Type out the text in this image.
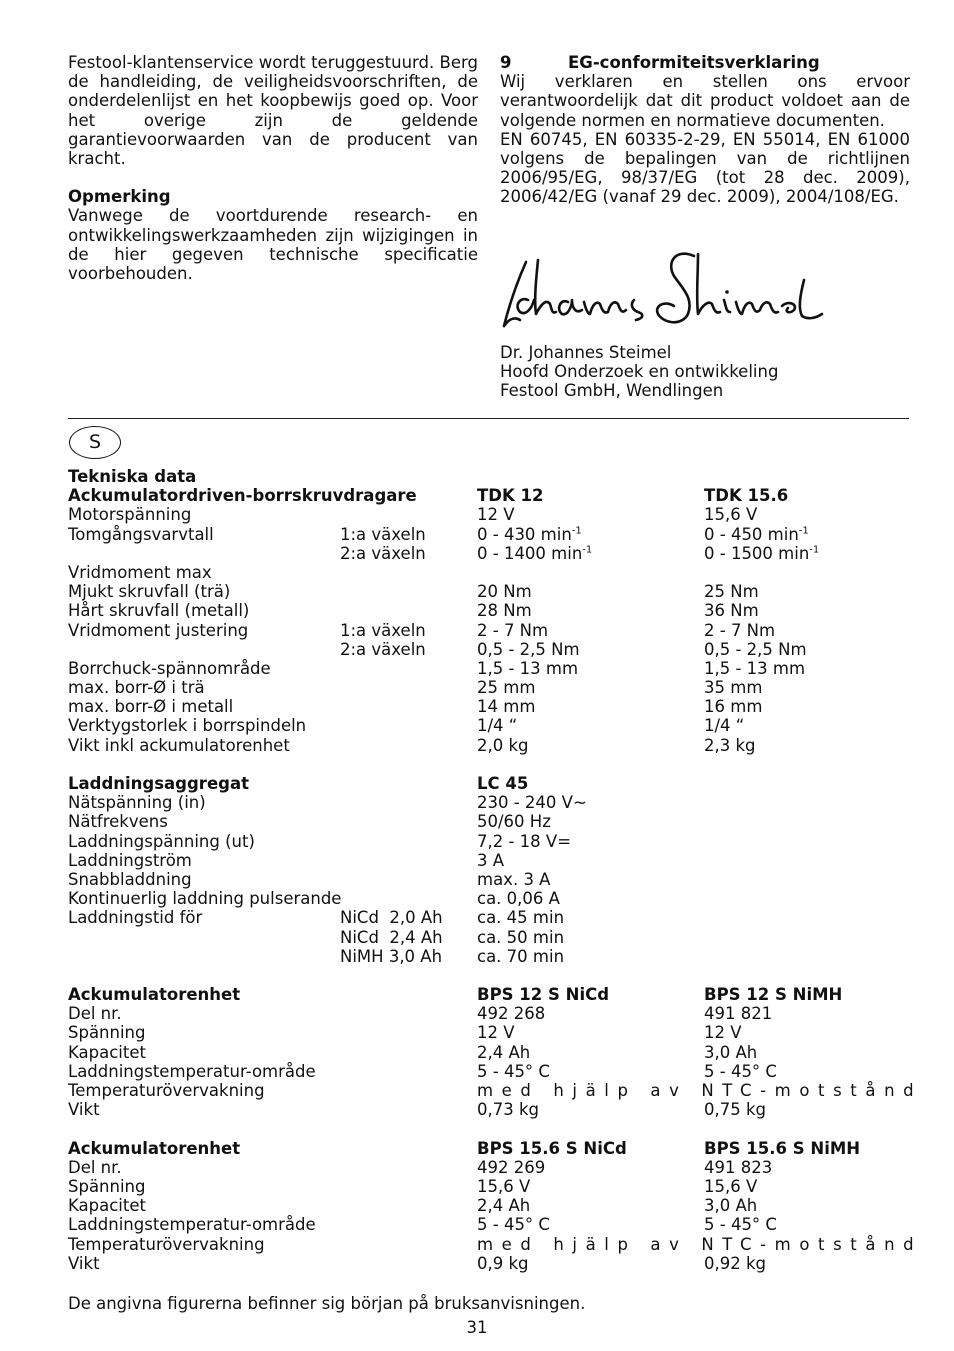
Festool-klantenservice wordt teruggestuurd. Berg de handleiding, de veiligheidsvoorschriften, de onderdelenlijst en het koopbewijs goed op. Voor het overige zijn de geldende garantievoorwaarden van de producent van kracht.

Opmerking

Vanwege de voortdurende research- en ontwikkelingswerkzaamheden zijn wijzigingen in de hier gegeven technische specificatie voorbehouden.

9	EG-conformiteitsverklaring

Wij verklaren en stellen ons ervoor verantwoordelijk dat dit product voldoet aan de volgende normen en normatieve documenten.

EN 60745, EN 60335-2-29, EN 55014, EN 61000 volgens de bepalingen van de richtlijnen 2006/95/EG, 98/37/EG (tot 28 dec. 2009), 2006/42/EG (vanaf 29 dec. 2009), 2004/108/EG.

Dr. Johannes Steimel

Hoofd Onderzoek en ontwikkeling

Festool GmbH, Wendlingen

S
Tekniska data
Ackumulatordriven-borrskruvdragare	TDK 12	TDK 15.6
Motorspänning	12 V	15,6 V
Tomgångsvarvtall	1:a växeln	0 - 430 $\min^{-1}$	0 - 450 $\min^{-1}$
2:a växeln	0 - 1400 $\min^{-1}$	0 - 1500 $\min^{-1}$
Vridmoment max
Mjukt skruvfall (trä)	20 Nm	25 Nm
Hårt skruvfall (metall)	28 Nm	36 Nm
Vridmoment justering	1:a växeln	2 - 7 Nm	2 - 7 Nm
2:a växeln	0,5 - 2,5 Nm	0,5 - 2,5 Nm
Borrchuck-spännområde	1,5 - 13 mm	1,5 - 13 mm
max. borr-Ø i trä	25 mm	35 mm
max. borr-Ø i metall	14 mm	16 mm
Verktygstorlek i borrspindeln	1/4 “	1/4 “
Vikt inkl ackumulatorenhet	2,0 kg	2,3 kg
Laddningsaggregat	LC 45
Nätspänning (in)	230 - 240 V~
Nätfrekvens	50/60 Hz
Laddningspänning (ut)	7,2 - 18 V=
Laddningström	3 A
Snabbladdning	max. 3 A
Kontinuerlig laddning pulserande	ca. 0,06 A
Laddningstid för	NiCd  2,0 Ah ca. 45 min
NiCd  2,4 Ah ca. 50 min
NiMH 3,0 Ah ca. 70 min
Ackumulatorenhet	BPS 12 S NiCd	BPS 12 S NiMH
Del nr.	492 268	491 821
Spänning	12 V	12 V
Kapacitet	2,4 Ah	3,0 Ah
Laddningstemperatur-område	5 - 45° C	5 - 45° C
Temperaturövervakning	med hjälp av NTC-motstånd
Vikt	0,73 kg	0,75 kg
Ackumulatorenhet	BPS 15.6 S NiCd	BPS 15.6 S NiMH
Del nr.	492 269	491 823
Spänning	15,6 V	15,6 V
Kapacitet	2,4 Ah	3,0 Ah
Laddningstemperatur-område	5 - 45° C	5 - 45° C
Temperaturövervakning	med hjälp av NTC-motstånd
Vikt	0,9 kg	0,92 kg
De angivna figurerna befinner sig början på bruksanvisningen.
31
